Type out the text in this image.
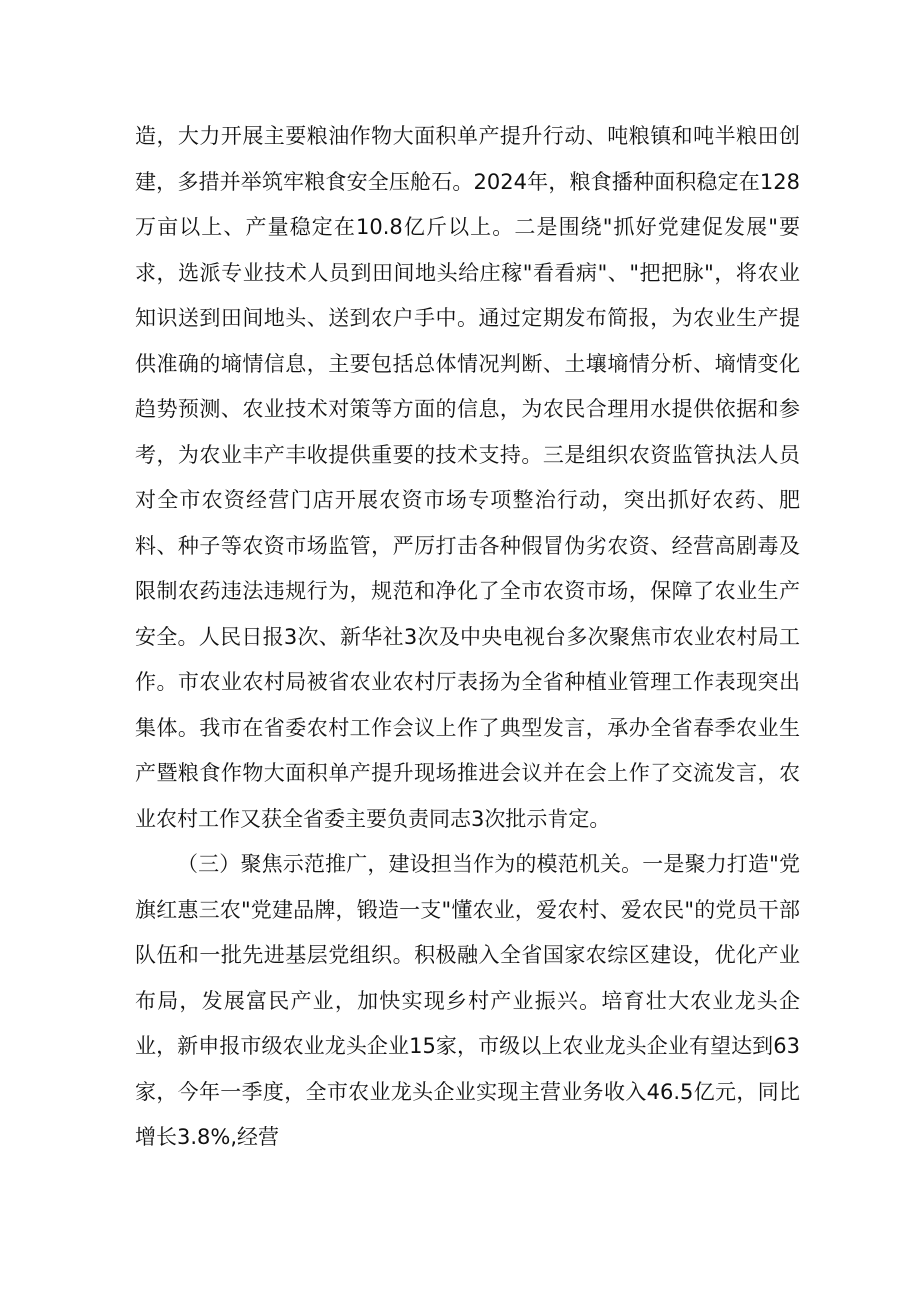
造，大力开展主要粮油作物大面积单产提升行动、吨粮镇和吨半粮田创建，多措并举筑牢粮食安全压舱石。2024年，粮食播种面积稳定在128万亩以上、产量稳定在10.8亿斤以上。二是围绕"抓好党建促发展"要求，选派专业技术人员到田间地头给庄稼"看看病"、"把把脉"，将农业知识送到田间地头、送到农户手中。通过定期发布简报，为农业生产提供准确的墒情信息，主要包括总体情况判断、土壤墒情分析、墒情变化趋势预测、农业技术对策等方面的信息，为农民合理用水提供依据和参考，为农业丰产丰收提供重要的技术支持。三是组织农资监管执法人员对全市农资经营门店开展农资市场专项整治行动，突出抓好农药、肥料、种子等农资市场监管，严厉打击各种假冒伪劣农资、经营高剧毒及限制农药违法违规行为，规范和净化了全市农资市场，保障了农业生产安全。人民日报3次、新华社3次及中央电视台多次聚焦市农业农村局工作。市农业农村局被省农业农村厅表扬为全省种植业管理工作表现突出集体。我市在省委农村工作会议上作了典型发言，承办全省春季农业生产暨粮食作物大面积单产提升现场推进会议并在会上作了交流发言，农业农村工作又获全省委主要负责同志3次批示肯定。

（三）聚焦示范推广，建设担当作为的模范机关。一是聚力打造"党旗红惠三农"党建品牌，锻造一支"懂农业，爱农村、爱农民"的党员干部队伍和一批先进基层党组织。积极融入全省国家农综区建设，优化产业布局，发展富民产业，加快实现乡村产业振兴。培育壮大农业龙头企业，新申报市级农业龙头企业15家，市级以上农业龙头企业有望达到63家，今年一季度，全市农业龙头企业实现主营业务收入46.5亿元，同比增长3.8%,经营
